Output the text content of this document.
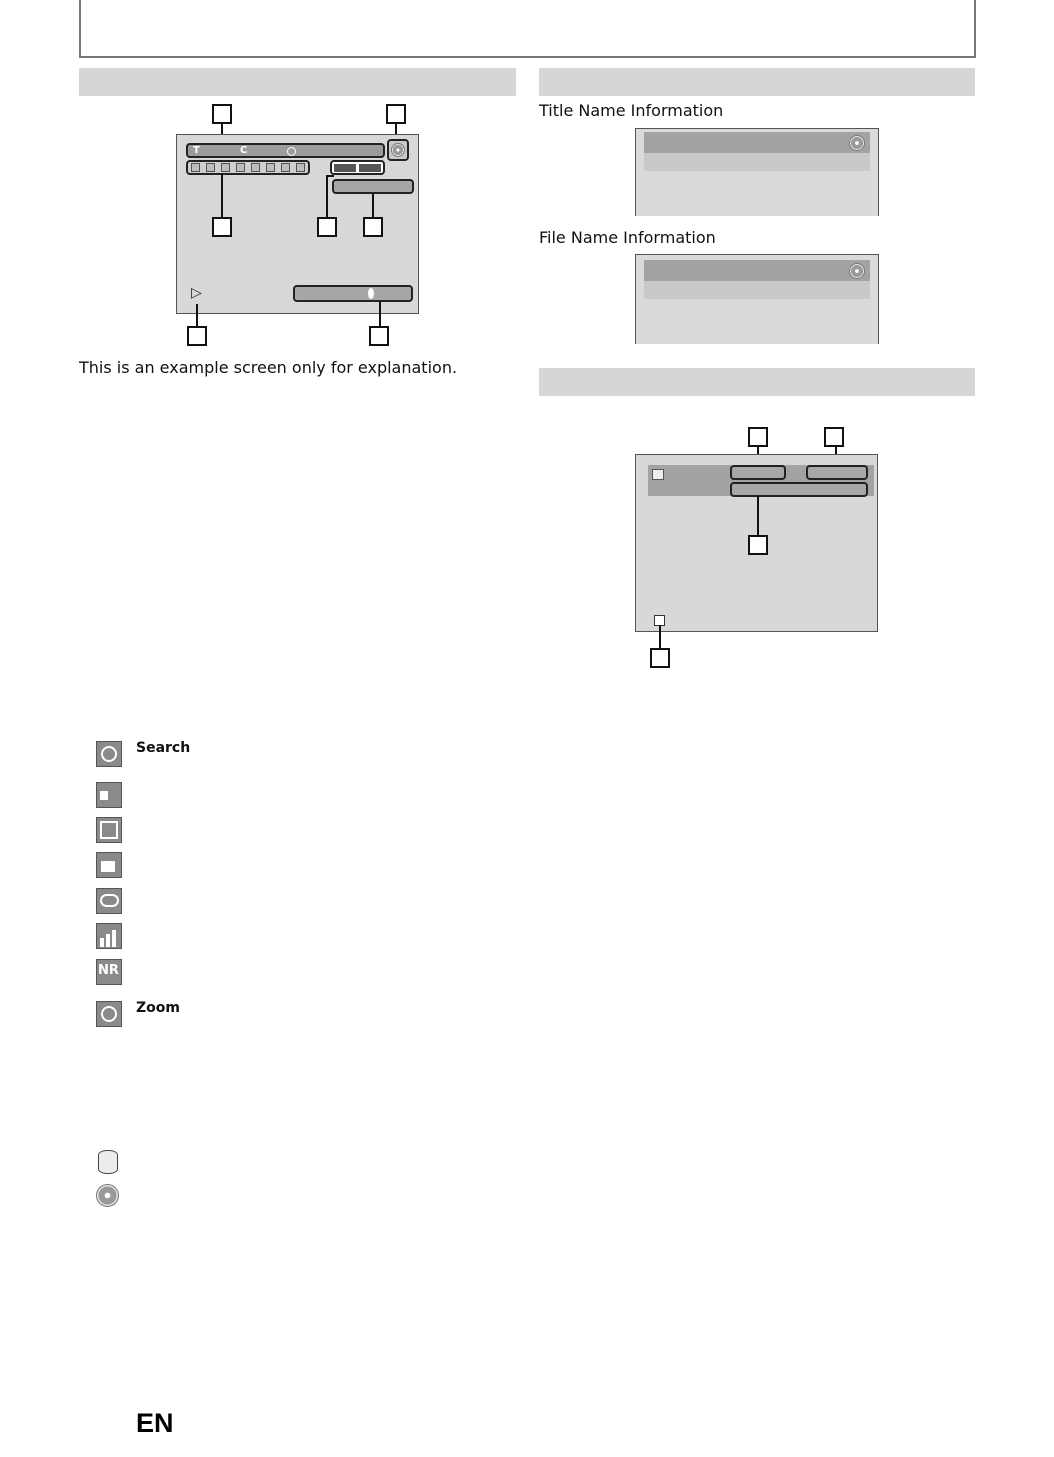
T	C
▷
This is an example screen only for explanation.
Title Name Information
File Name Information
Search
NR
Zoom
EN
